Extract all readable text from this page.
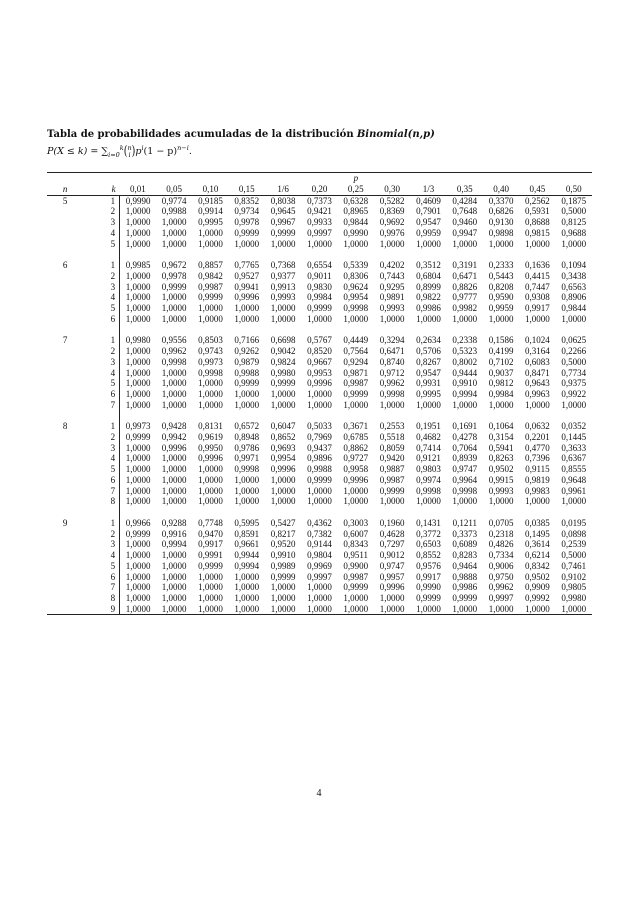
Tabla de probabilidades acumuladas de la distribución Binomial(n,p)
$P(X \le k) = \sum_{i=0}^k$( n
i )$p^i(1 - p)^{n-i}$.
		p												
n	k	0,01	0,05	0,10	0,15	1/6	0,20	0,25	0,30	1/3	0,35	0,40	0,45	0,50
5	1	0,9990	0,9774	0,9185	0,8352	0,8038	0,7373	0,6328	0,5282	0,4609	0,4284	0,3370	0,2562	0,1875
	2	1,0000	0,9988	0,9914	0,9734	0,9645	0,9421	0,8965	0,8369	0,7901	0,7648	0,6826	0,5931	0,5000
	3	1,0000	1,0000	0,9995	0,9978	0,9967	0,9933	0,9844	0,9692	0,9547	0,9460	0,9130	0,8688	0,8125
	4	1,0000	1,0000	1,0000	0,9999	0,9999	0,9997	0,9990	0,9976	0,9959	0,9947	0,9898	0,9815	0,9688
	5	1,0000	1,0000	1,0000	1,0000	1,0000	1,0000	1,0000	1,0000	1,0000	1,0000	1,0000	1,0000	1,0000

6	1	0,9985	0,9672	0,8857	0,7765	0,7368	0,6554	0,5339	0,4202	0,3512	0,3191	0,2333	0,1636	0,1094
	2	1,0000	0,9978	0,9842	0,9527	0,9377	0,9011	0,8306	0,7443	0,6804	0,6471	0,5443	0,4415	0,3438
	3	1,0000	0,9999	0,9987	0,9941	0,9913	0,9830	0,9624	0,9295	0,8999	0,8826	0,8208	0,7447	0,6563
	4	1,0000	1,0000	0,9999	0,9996	0,9993	0,9984	0,9954	0,9891	0,9822	0,9777	0,9590	0,9308	0,8906
	5	1,0000	1,0000	1,0000	1,0000	1,0000	0,9999	0,9998	0,9993	0,9986	0,9982	0,9959	0,9917	0,9844
	6	1,0000	1,0000	1,0000	1,0000	1,0000	1,0000	1,0000	1,0000	1,0000	1,0000	1,0000	1,0000	1,0000

7	1	0,9980	0,9556	0,8503	0,7166	0,6698	0,5767	0,4449	0,3294	0,2634	0,2338	0,1586	0,1024	0,0625
	2	1,0000	0,9962	0,9743	0,9262	0,9042	0,8520	0,7564	0,6471	0,5706	0,5323	0,4199	0,3164	0,2266
	3	1,0000	0,9998	0,9973	0,9879	0,9824	0,9667	0,9294	0,8740	0,8267	0,8002	0,7102	0,6083	0,5000
	4	1,0000	1,0000	0,9998	0,9988	0,9980	0,9953	0,9871	0,9712	0,9547	0,9444	0,9037	0,8471	0,7734
	5	1,0000	1,0000	1,0000	0,9999	0,9999	0,9996	0,9987	0,9962	0,9931	0,9910	0,9812	0,9643	0,9375
	6	1,0000	1,0000	1,0000	1,0000	1,0000	1,0000	0,9999	0,9998	0,9995	0,9994	0,9984	0,9963	0,9922
	7	1,0000	1,0000	1,0000	1,0000	1,0000	1,0000	1,0000	1,0000	1,0000	1,0000	1,0000	1,0000	1,0000

8	1	0,9973	0,9428	0,8131	0,6572	0,6047	0,5033	0,3671	0,2553	0,1951	0,1691	0,1064	0,0632	0,0352
	2	0,9999	0,9942	0,9619	0,8948	0,8652	0,7969	0,6785	0,5518	0,4682	0,4278	0,3154	0,2201	0,1445
	3	1,0000	0,9996	0,9950	0,9786	0,9693	0,9437	0,8862	0,8059	0,7414	0,7064	0,5941	0,4770	0,3633
	4	1,0000	1,0000	0,9996	0,9971	0,9954	0,9896	0,9727	0,9420	0,9121	0,8939	0,8263	0,7396	0,6367
	5	1,0000	1,0000	1,0000	0,9998	0,9996	0,9988	0,9958	0,9887	0,9803	0,9747	0,9502	0,9115	0,8555
	6	1,0000	1,0000	1,0000	1,0000	1,0000	0,9999	0,9996	0,9987	0,9974	0,9964	0,9915	0,9819	0,9648
	7	1,0000	1,0000	1,0000	1,0000	1,0000	1,0000	1,0000	0,9999	0,9998	0,9998	0,9993	0,9983	0,9961
	8	1,0000	1,0000	1,0000	1,0000	1,0000	1,0000	1,0000	1,0000	1,0000	1,0000	1,0000	1,0000	1,0000

9	1	0,9966	0,9288	0,7748	0,5995	0,5427	0,4362	0,3003	0,1960	0,1431	0,1211	0,0705	0,0385	0,0195
	2	0,9999	0,9916	0,9470	0,8591	0,8217	0,7382	0,6007	0,4628	0,3772	0,3373	0,2318	0,1495	0,0898
	3	1,0000	0,9994	0,9917	0,9661	0,9520	0,9144	0,8343	0,7297	0,6503	0,6089	0,4826	0,3614	0,2539
	4	1,0000	1,0000	0,9991	0,9944	0,9910	0,9804	0,9511	0,9012	0,8552	0,8283	0,7334	0,6214	0,5000
	5	1,0000	1,0000	0,9999	0,9994	0,9989	0,9969	0,9900	0,9747	0,9576	0,9464	0,9006	0,8342	0,7461
	6	1,0000	1,0000	1,0000	1,0000	0,9999	0,9997	0,9987	0,9957	0,9917	0,9888	0,9750	0,9502	0,9102
	7	1,0000	1,0000	1,0000	1,0000	1,0000	1,0000	0,9999	0,9996	0,9990	0,9986	0,9962	0,9909	0,9805
	8	1,0000	1,0000	1,0000	1,0000	1,0000	1,0000	1,0000	1,0000	0,9999	0,9999	0,9997	0,9992	0,9980
	9	1,0000	1,0000	1,0000	1,0000	1,0000	1,0000	1,0000	1,0000	1,0000	1,0000	1,0000	1,0000	1,0000
4
